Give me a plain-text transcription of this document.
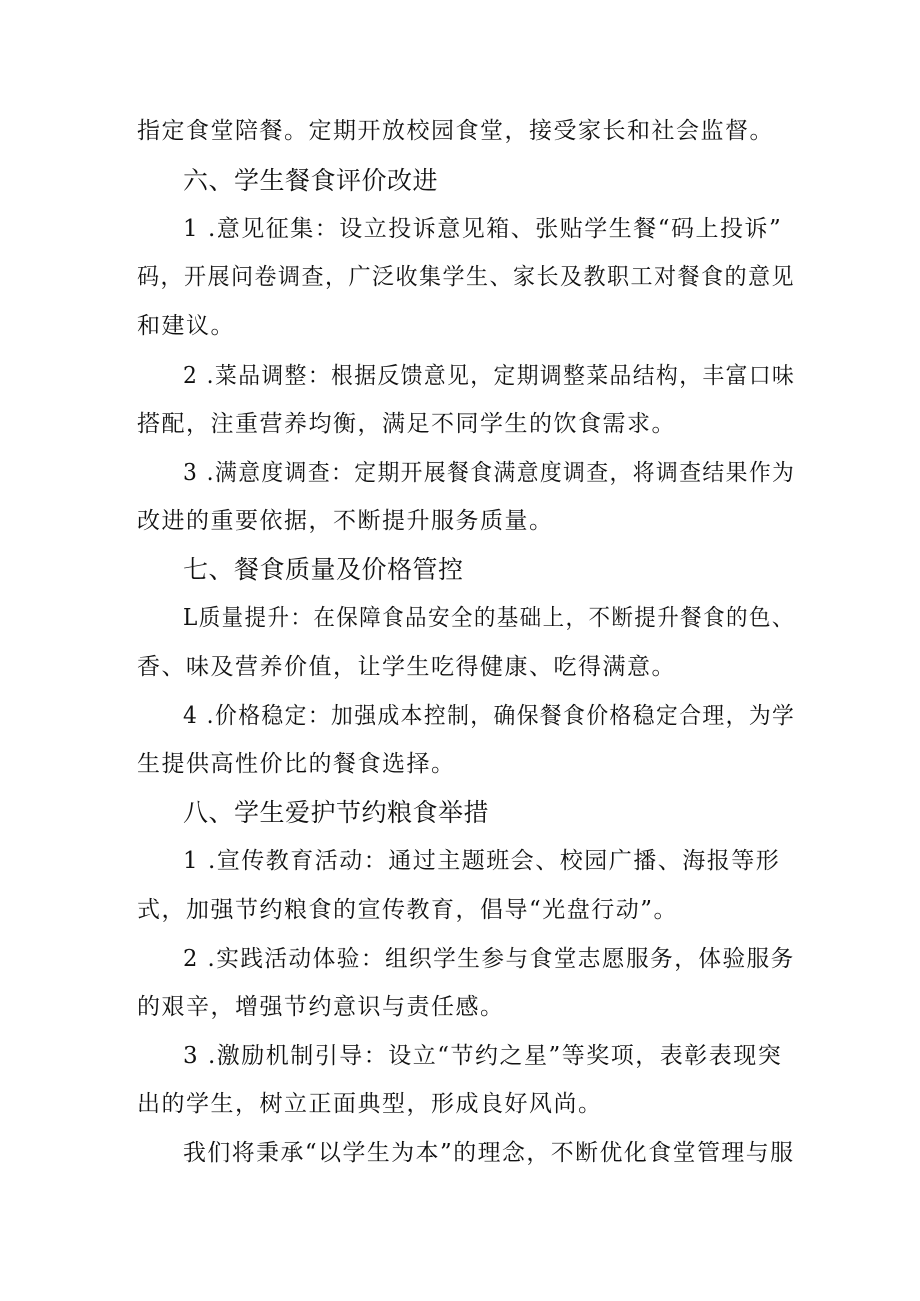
指定食堂陪餐。定期开放校园食堂，接受家长和社会监督。
六、学生餐食评价改进
1 .意见征集：设立投诉意见箱、张贴学生餐“码上投诉”
码，开展问卷调查，广泛收集学生、家长及教职工对餐食的意见
和建议。
2 .菜品调整：根据反馈意见，定期调整菜品结构，丰富口味
搭配，注重营养均衡，满足不同学生的饮食需求。
3 .满意度调查：定期开展餐食满意度调查，将调查结果作为
改进的重要依据，不断提升服务质量。
七、餐食质量及价格管控
L质量提升：在保障食品安全的基础上，不断提升餐食的色、
香、味及营养价值，让学生吃得健康、吃得满意。
4 .价格稳定：加强成本控制，确保餐食价格稳定合理，为学
生提供高性价比的餐食选择。
八、学生爱护节约粮食举措
1 .宣传教育活动：通过主题班会、校园广播、海报等形
式，加强节约粮食的宣传教育，倡导“光盘行动”。
2 .实践活动体验：组织学生参与食堂志愿服务，体验服务
的艰辛，增强节约意识与责任感。
3 .激励机制引导：设立“节约之星”等奖项，表彰表现突
出的学生，树立正面典型，形成良好风尚。
我们将秉承“以学生为本”的理念，不断优化食堂管理与服
